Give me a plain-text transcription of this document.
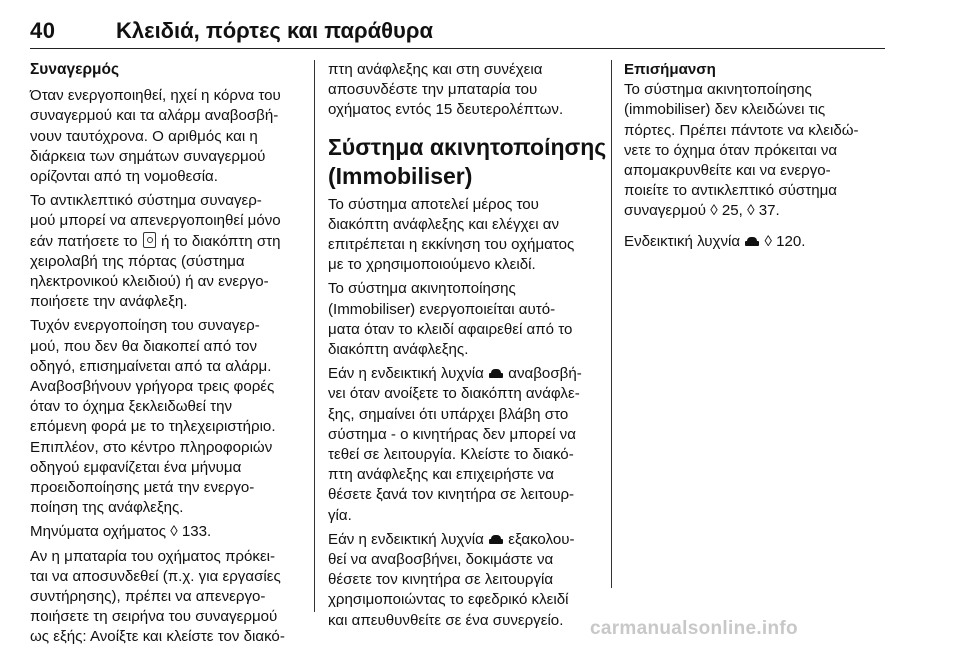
40	Κλειδιά, πόρτες και παράθυρα
Συναγερμός

Όταν ενεργοποιηθεί, ηχεί η κόρνα του
συναγερμού και τα αλάρμ αναβοσβή-
νουν ταυτόχρονα. Ο αριθμός και η
διάρκεια των σημάτων συναγερμού
ορίζονται από τη νομοθεσία.

Το αντικλεπτικό σύστημα συναγερ-
μού μπορεί να απενεργοποιηθεί μόνο
εάν πατήσετε το  ή το διακόπτη στη
χειρολαβή της πόρτας (σύστημα
ηλεκτρονικού κλειδιού) ή αν ενεργο-
ποιήσετε την ανάφλεξη.

Τυχόν ενεργοποίηση του συναγερ-
μού, που δεν θα διακοπεί από τον
οδηγό, επισημαίνεται από τα αλάρμ.
Αναβοσβήνουν γρήγορα τρεις φορές
όταν το όχημα ξεκλειδωθεί την
επόμενη φορά με το τηλεχειριστήριο.
Επιπλέον, στο κέντρο πληροφοριών
οδηγού εμφανίζεται ένα μήνυμα
προειδοποίησης μετά την ενεργο-
ποίηση της ανάφλεξης.

Μηνύματα οχήματος ◊ 133.

Αν η μπαταρία του οχήματος πρόκει-
ται να αποσυνδεθεί (π.χ. για εργασίες
συντήρησης), πρέπει να απενεργο-
ποιήσετε τη σειρήνα του συναγερμού
ως εξής: Ανοίξτε και κλείστε τον διακό-

πτη ανάφλεξης και στη συνέχεια
αποσυνδέστε την μπαταρία του
οχήματος εντός 15 δευτερολέπτων.

Σύστημα ακινητοποίησης
(Immobiliser)

Το σύστημα αποτελεί μέρος του
διακόπτη ανάφλεξης και ελέγχει αν
επιτρέπεται η εκκίνηση του οχήματος
με το χρησιμοποιούμενο κλειδί.

Το σύστημα ακινητοποίησης
(Immobiliser) ενεργοποιείται αυτό-
ματα όταν το κλειδί αφαιρεθεί από το
διακόπτη ανάφλεξης.

Εάν η ενδεικτική λυχνία  αναβοσβή-
νει όταν ανοίξετε το διακόπτη ανάφλε-
ξης, σημαίνει ότι υπάρχει βλάβη στο
σύστημα - ο κινητήρας δεν μπορεί να
τεθεί σε λειτουργία. Κλείστε το διακό-
πτη ανάφλεξης και επιχειρήστε να
θέσετε ξανά τον κινητήρα σε λειτουρ-
γία.

Εάν η ενδεικτική λυχνία  εξακολου-
θεί να αναβοσβήνει, δοκιμάστε να
θέσετε τον κινητήρα σε λειτουργία
χρησιμοποιώντας το εφεδρικό κλειδί
και απευθυνθείτε σε ένα συνεργείο.

Επισήμανση
Το σύστημα ακινητοποίησης
(immobiliser) δεν κλειδώνει τις
πόρτες. Πρέπει πάντοτε να κλειδώ-
νετε το όχημα όταν πρόκειται να
απομακρυνθείτε και να ενεργο-
ποιείτε το αντικλεπτικό σύστημα
συναγερμού ◊ 25, ◊ 37.

Ενδεικτική λυχνία  ◊ 120.

carmanualsonline.info
